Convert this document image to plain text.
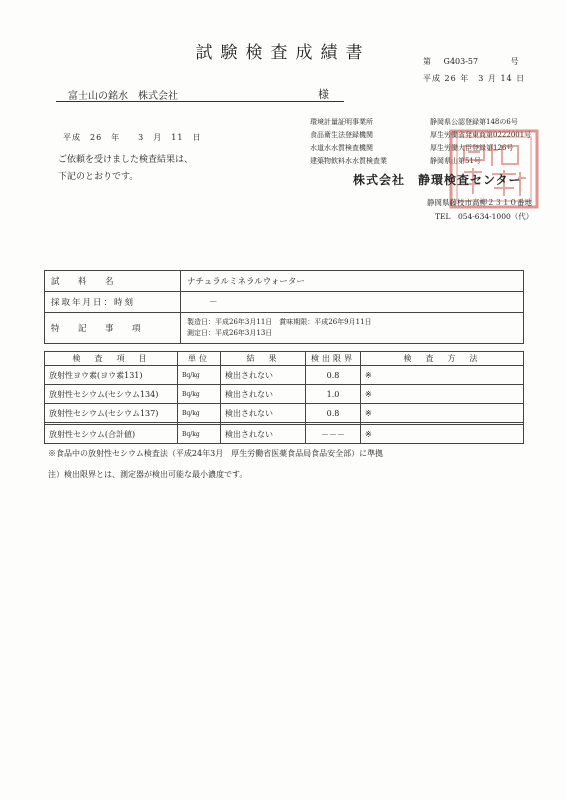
試験検査成績書	第 G403-57	号
平成 26 年　3 月 14 日
富士山の銘水　株式会社	様
平成　26　年　　3　月　11　日
ご依頼を受けました検査結果は、
下記のとおりです。
環境計量証明事業所	静岡県公認登録第148の6号
食品衛生法登録機関	厚生労働省発東商第0222001号
水道水水質検査機関	厚生労働大臣登録第126号
建築物飲料水水質検査業	静岡県山第51号
株式会社　静環検査センター
静岡県藤枝市高柳２３１０番地
TEL　054-634-1000（代）
試　料　名	ナチュラルミネラルウォーター
採取年月日：時刻	－
特　記　事　項	製造日：平成26年3月11日　賞味期限：平成26年9月11日
測定日：平成26年3月13日
検　査　項　目	単位	結　果	検出限界	検　査　方　法
放射性ヨウ素(ヨウ素131)	Bq/kg	検出されない	0.8	※
放射性セシウム(セシウム134)	Bq/kg	検出されない	1.0	※
放射性セシウム(セシウム137)	Bq/kg	検出されない	0.8	※

放射性セシウム(合計値)	Bq/kg	検出されない	－－－	※
※食品中の放射性セシウム検査法（平成24年3月　厚生労働省医薬食品局食品安全部）に準拠
注）検出限界とは、測定器が検出可能な最小濃度です。
